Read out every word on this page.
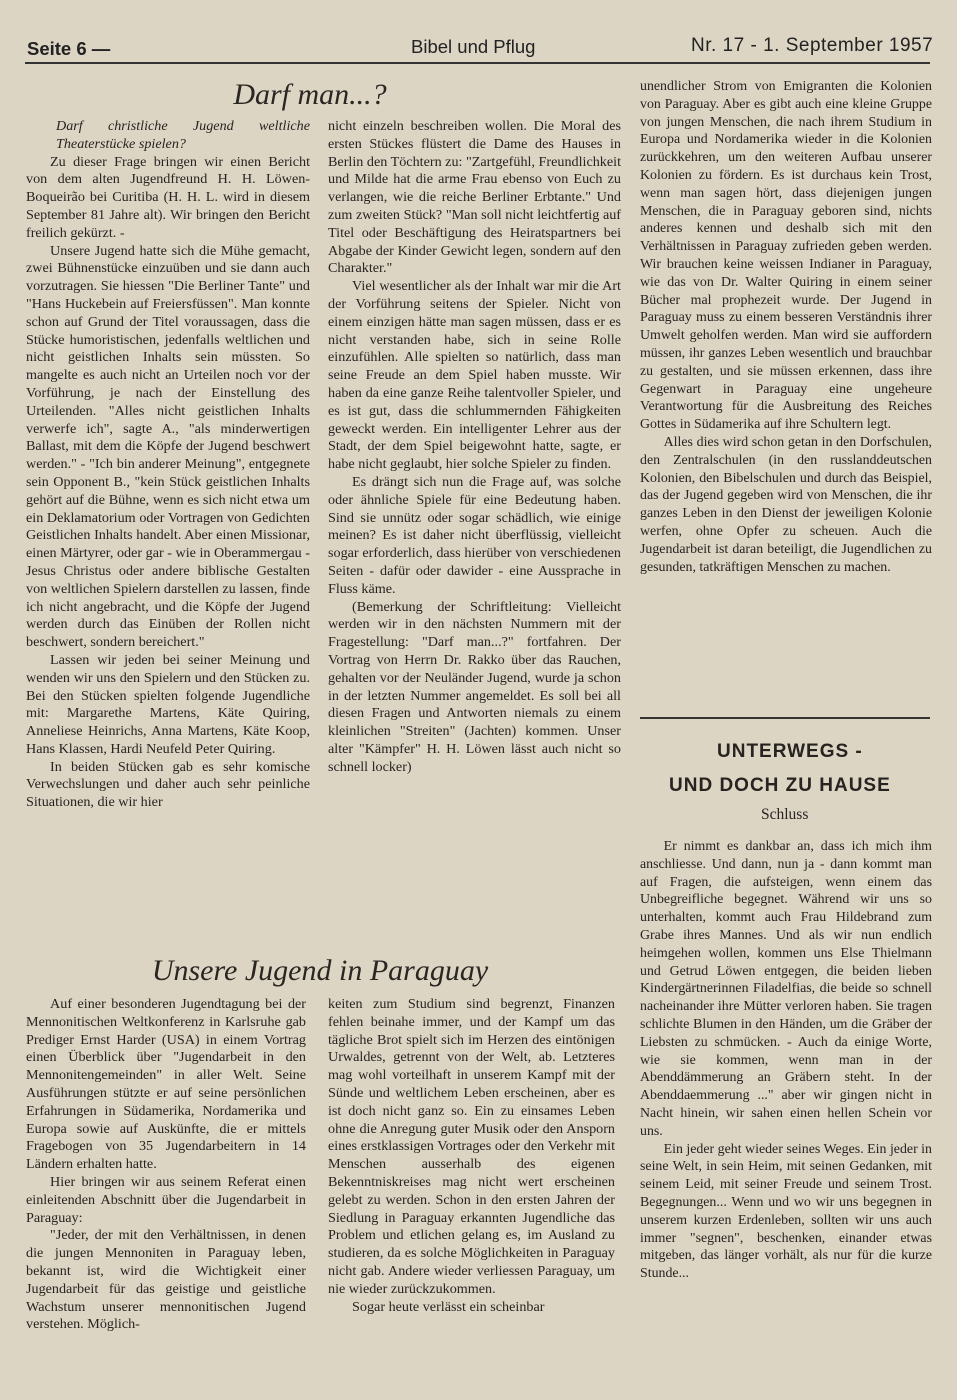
Seite 6 —	Bibel und Pflug	Nr. 17 - 1. September 1957
Darf man...?

Darf christliche Jugend weltliche Theaterstücke spielen?

Zu dieser Frage bringen wir einen Bericht von dem alten Jugendfreund H. H. Löwen-Boqueirão bei Curitiba (H. H. L. wird in diesem September 81 Jahre alt). Wir bringen den Bericht freilich gekürzt. -

Unsere Jugend hatte sich die Mühe gemacht, zwei Bühnenstücke einzuüben und sie dann auch vorzutragen. Sie hiessen "Die Berliner Tante" und "Hans Huckebein auf Freiersfüssen". Man konnte schon auf Grund der Titel voraussagen, dass die Stücke humoristischen, jedenfalls weltlichen und nicht geistlichen Inhalts sein müssten. So mangelte es auch nicht an Urteilen noch vor der Vorführung, je nach der Einstellung des Urteilenden. "Alles nicht geistlichen Inhalts verwerfe ich", sagte A., "als minderwertigen Ballast, mit dem die Köpfe der Jugend beschwert werden." - "Ich bin anderer Meinung", entgegnete sein Opponent B., "kein Stück geistlichen Inhalts gehört auf die Bühne, wenn es sich nicht etwa um ein Deklamatorium oder Vortragen von Gedichten Geistlichen Inhalts handelt. Aber einen Missionar, einen Märtyrer, oder gar - wie in Oberammergau - Jesus Christus oder andere biblische Gestalten von weltlichen Spielern darstellen zu lassen, finde ich nicht angebracht, und die Köpfe der Jugend werden durch das Einüben der Rollen nicht beschwert, sondern bereichert."

Lassen wir jeden bei seiner Meinung und wenden wir uns den Spielern und den Stücken zu. Bei den Stücken spielten folgende Jugendliche mit: Margarethe Martens, Käte Quiring, Anneliese Heinrichs, Anna Martens, Käte Koop, Hans Klassen, Hardi Neufeld Peter Quiring.

In beiden Stücken gab es sehr komische Verwechslungen und daher auch sehr peinliche Situationen, die wir hier

nicht einzeln beschreiben wollen. Die Moral des ersten Stückes flüstert die Dame des Hauses in Berlin den Töchtern zu: "Zartgefühl, Freundlichkeit und Milde hat die arme Frau ebenso von Euch zu verlangen, wie die reiche Berliner Erbtante." Und zum zweiten Stück? "Man soll nicht leichtfertig auf Titel oder Beschäftigung des Heiratspartners bei Abgabe der Kinder Gewicht legen, sondern auf den Charakter."

Viel wesentlicher als der Inhalt war mir die Art der Vorführung seitens der Spieler. Nicht von einem einzigen hätte man sagen müssen, dass er es nicht verstanden habe, sich in seine Rolle einzufühlen. Alle spielten so natürlich, dass man seine Freude an dem Spiel haben musste. Wir haben da eine ganze Reihe talentvoller Spieler, und es ist gut, dass die schlummernden Fähigkeiten geweckt werden. Ein intelligenter Lehrer aus der Stadt, der dem Spiel beigewohnt hatte, sagte, er habe nicht geglaubt, hier solche Spieler zu finden.

Es drängt sich nun die Frage auf, was solche oder ähnliche Spiele für eine Bedeutung haben. Sind sie unnütz oder sogar schädlich, wie einige meinen? Es ist daher nicht überflüssig, vielleicht sogar erforderlich, dass hierüber von verschiedenen Seiten - dafür oder dawider - eine Aussprache in Fluss käme.

(Bemerkung der Schriftleitung: Vielleicht werden wir in den nächsten Nummern mit der Fragestellung: "Darf man...?" fortfahren. Der Vortrag von Herrn Dr. Rakko über das Rauchen, gehalten vor der Neuländer Jugend, wurde ja schon in der letzten Nummer angemeldet. Es soll bei all diesen Fragen und Antworten niemals zu einem kleinlichen "Streiten" (Jachten) kommen. Unser alter "Kämpfer" H. H. Löwen lässt auch nicht so schnell locker)

Unsere Jugend in Paraguay

Auf einer besonderen Jugendtagung bei der Mennonitischen Weltkonferenz in Karlsruhe gab Prediger Ernst Harder (USA) in einem Vortrag einen Überblick über "Jugendarbeit in den Mennonitengemeinden" in aller Welt. Seine Ausführungen stützte er auf seine persönlichen Erfahrungen in Südamerika, Nordamerika und Europa sowie auf Auskünfte, die er mittels Fragebogen von 35 Jugendarbeitern in 14 Ländern erhalten hatte.

Hier bringen wir aus seinem Referat einen einleitenden Abschnitt über die Jugendarbeit in Paraguay:

"Jeder, der mit den Verhältnissen, in denen die jungen Mennoniten in Paraguay leben, bekannt ist, wird die Wichtigkeit einer Jugendarbeit für das geistige und geistliche Wachstum unserer mennonitischen Jugend verstehen. Möglich-

keiten zum Studium sind begrenzt, Finanzen fehlen beinahe immer, und der Kampf um das tägliche Brot spielt sich im Herzen des eintönigen Urwaldes, getrennt von der Welt, ab. Letzteres mag wohl vorteilhaft in unserem Kampf mit der Sünde und weltlichem Leben erscheinen, aber es ist doch nicht ganz so. Ein zu einsames Leben ohne die Anregung guter Musik oder den Ansporn eines erstklassigen Vortrages oder den Verkehr mit Menschen ausserhalb des eigenen Bekenntniskreises mag nicht wert erscheinen gelebt zu werden. Schon in den ersten Jahren der Siedlung in Paraguay erkannten Jugendliche das Problem und etlichen gelang es, im Ausland zu studieren, da es solche Möglichkeiten in Paraguay nicht gab. Andere wieder verliessen Paraguay, um nie wieder zurückzukommen.

Sogar heute verlässt ein scheinbar

unendlicher Strom von Emigranten die Kolonien von Paraguay. Aber es gibt auch eine kleine Gruppe von jungen Menschen, die nach ihrem Studium in Europa und Nordamerika wieder in die Kolonien zurückkehren, um den weiteren Aufbau unserer Kolonien zu fördern. Es ist durchaus kein Trost, wenn man sagen hört, dass diejenigen jungen Menschen, die in Paraguay geboren sind, nichts anderes kennen und deshalb sich mit den Verhältnissen in Paraguay zufrieden geben werden. Wir brauchen keine weissen Indianer in Paraguay, wie das von Dr. Walter Quiring in einem seiner Bücher mal prophezeit wurde. Der Jugend in Paraguay muss zu einem besseren Verständnis ihrer Umwelt geholfen werden. Man wird sie auffordern müssen, ihr ganzes Leben wesentlich und brauchbar zu gestalten, und sie müssen erkennen, dass ihre Gegenwart in Paraguay eine ungeheure Verantwortung für die Ausbreitung des Reiches Gottes in Südamerika auf ihre Schultern legt.

Alles dies wird schon getan in den Dorfschulen, den Zentralschulen (in den russlanddeutschen Kolonien, den Bibelschulen und durch das Beispiel, das der Jugend gegeben wird von Menschen, die ihr ganzes Leben in den Dienst der jeweiligen Kolonie werfen, ohne Opfer zu scheuen. Auch die Jugendarbeit ist daran beteiligt, die Jugendlichen zu gesunden, tatkräftigen Menschen zu machen.

UNTERWEGS -
UND DOCH ZU HAUSE
Schluss

Er nimmt es dankbar an, dass ich mich ihm anschliesse. Und dann, nun ja - dann kommt man auf Fragen, die aufsteigen, wenn einem das Unbegreifliche begegnet. Während wir uns so unterhalten, kommt auch Frau Hildebrand zum Grabe ihres Mannes. Und als wir nun endlich heimgehen wollen, kommen uns Else Thielmann und Getrud Löwen entgegen, die beiden lieben Kindergärtnerinnen Filadelfias, die beide so schnell nacheinander ihre Mütter verloren haben. Sie tragen schlichte Blumen in den Händen, um die Gräber der Liebsten zu schmücken. - Auch da einige Worte, wie sie kommen, wenn man in der Abenddämmerung an Gräbern steht. In der Abenddaemmerung ..." aber wir gingen nicht in Nacht hinein, wir sahen einen hellen Schein vor uns.

Ein jeder geht wieder seines Weges. Ein jeder in seine Welt, in sein Heim, mit seinen Gedanken, mit seinem Leid, mit seiner Freude und seinem Trost. Begegnungen... Wenn und wo wir uns begegnen in unserem kurzen Erdenleben, sollten wir uns auch immer "segnen", beschenken, einander etwas mitgeben, das länger vorhält, als nur für die kurze Stunde...
